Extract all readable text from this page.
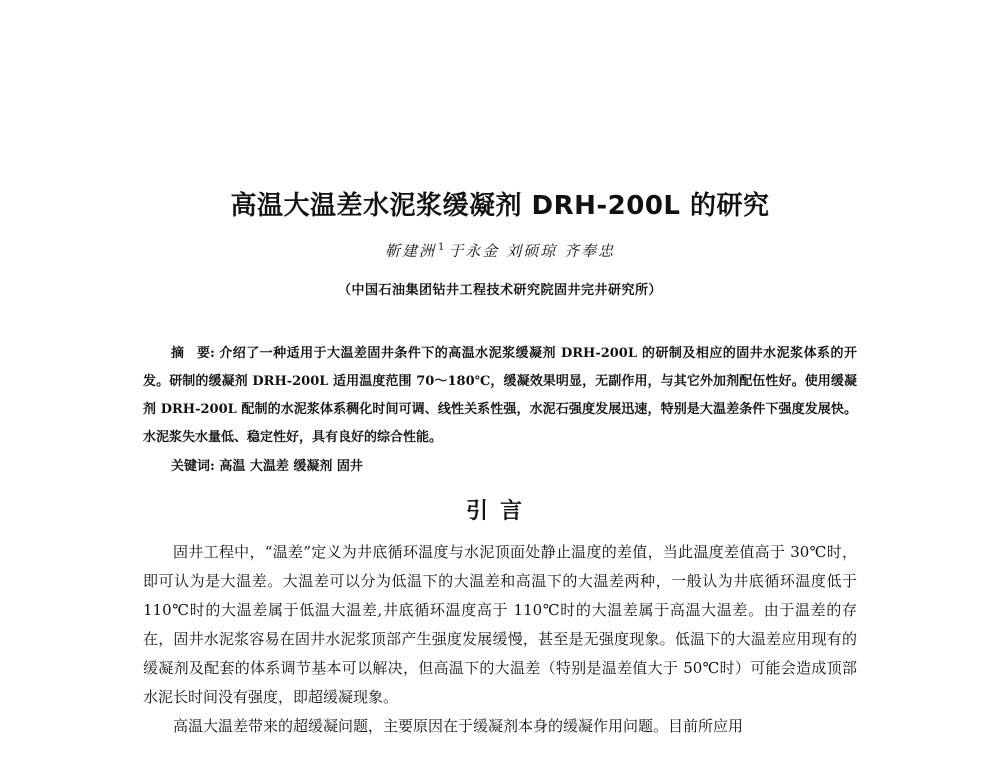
高温大温差水泥浆缓凝剂 DRH-200L 的研究
靳建洲 $^1$ 于永金 刘硕琼 齐奉忠
（中国石油集团钻井工程技术研究院固井完井研究所）
摘　要: 介绍了一种适用于大温差固井条件下的高温水泥浆缓凝剂 DRH-200L 的研制及相应的固井水泥浆体系的开发。研制的缓凝剂 DRH-200L 适用温度范围 70～180℃，缓凝效果明显，无副作用，与其它外加剂配伍性好。使用缓凝剂 DRH-200L 配制的水泥浆体系稠化时间可调、线性关系性强，水泥石强度发展迅速，特别是大温差条件下强度发展快。水泥浆失水量低、稳定性好，具有良好的综合性能。
关键词: 高温 大温差 缓凝剂 固井
引言

固井工程中，“温差”定义为井底循环温度与水泥顶面处静止温度的差值，当此温度差值高于 30℃时，即可认为是大温差。大温差可以分为低温下的大温差和高温下的大温差两种，一般认为井底循环温度低于 110℃时的大温差属于低温大温差,井底循环温度高于 110℃时的大温差属于高温大温差。由于温差的存在，固井水泥浆容易在固井水泥浆顶部产生强度发展缓慢，甚至是无强度现象。低温下的大温差应用现有的缓凝剂及配套的体系调节基本可以解决，但高温下的大温差（特别是温差值大于 50℃时）可能会造成顶部水泥长时间没有强度，即超缓凝现象。

高温大温差带来的超缓凝问题，主要原因在于缓凝剂本身的缓凝作用问题。目前所应用
